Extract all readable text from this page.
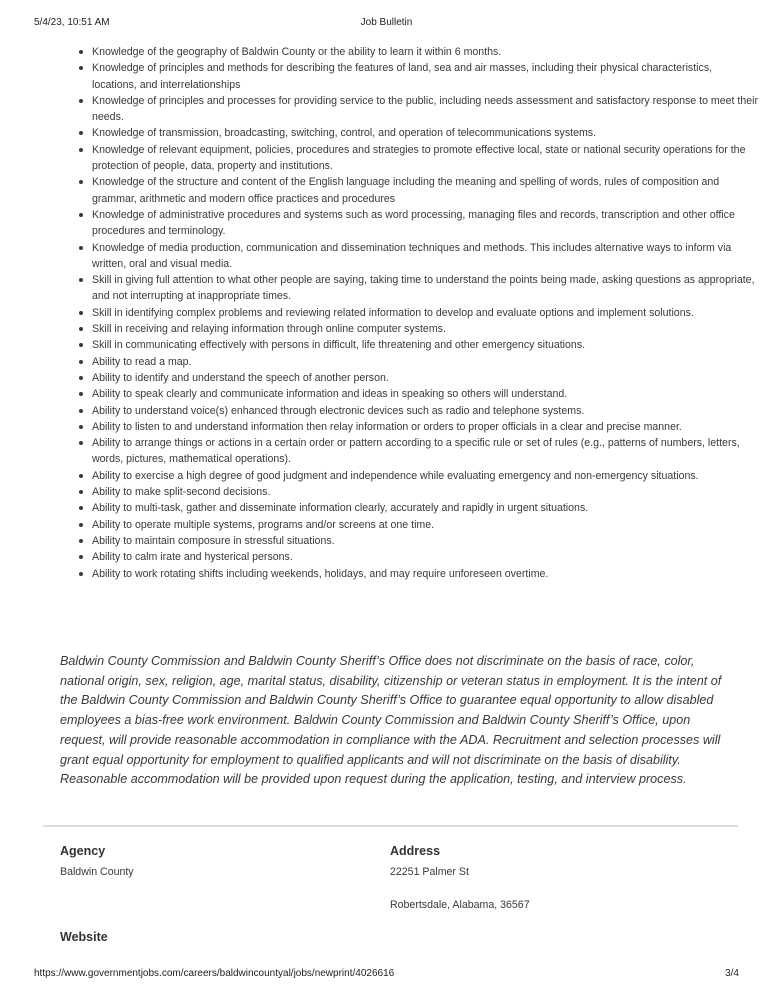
5/4/23, 10:51 AM	Job Bulletin
Knowledge of the geography of Baldwin County or the ability to learn it within 6 months.
Knowledge of principles and methods for describing the features of land, sea and air masses, including their physical characteristics, locations, and interrelationships
Knowledge of principles and processes for providing service to the public, including needs assessment and satisfactory response to meet their needs.
Knowledge of transmission, broadcasting, switching, control, and operation of telecommunications systems.
Knowledge of relevant equipment, policies, procedures and strategies to promote effective local, state or national security operations for the protection of people, data, property and institutions.
Knowledge of the structure and content of the English language including the meaning and spelling of words, rules of composition and grammar, arithmetic and modern office practices and procedures
Knowledge of administrative procedures and systems such as word processing, managing files and records, transcription and other office procedures and terminology.
Knowledge of media production, communication and dissemination techniques and methods. This includes alternative ways to inform via written, oral and visual media.
Skill in giving full attention to what other people are saying, taking time to understand the points being made, asking questions as appropriate, and not interrupting at inappropriate times.
Skill in identifying complex problems and reviewing related information to develop and evaluate options and implement solutions.
Skill in receiving and relaying information through online computer systems.
Skill in communicating effectively with persons in difficult, life threatening and other emergency situations.
Ability to read a map.
Ability to identify and understand the speech of another person.
Ability to speak clearly and communicate information and ideas in speaking so others will understand.
Ability to understand voice(s) enhanced through electronic devices such as radio and telephone systems.
Ability to listen to and understand information then relay information or orders to proper officials in a clear and precise manner.
Ability to arrange things or actions in a certain order or pattern according to a specific rule or set of rules (e.g., patterns of numbers, letters, words, pictures, mathematical operations).
Ability to exercise a high degree of good judgment and independence while evaluating emergency and non-emergency situations.
Ability to make split-second decisions.
Ability to multi-task, gather and disseminate information clearly, accurately and rapidly in urgent situations.
Ability to operate multiple systems, programs and/or screens at one time.
Ability to maintain composure in stressful situations.
Ability to calm irate and hysterical persons.
Ability to work rotating shifts including weekends, holidays, and may require unforeseen overtime.

Baldwin County Commission and Baldwin County Sheriff’s Office does not discriminate on the basis of race, color, national origin, sex, religion, age, marital status, disability, citizenship or veteran status in employment. It is the intent of the Baldwin County Commission and Baldwin County Sheriff’s Office to guarantee equal opportunity to allow disabled employees a bias-free work environment. Baldwin County Commission and Baldwin County Sheriff’s Office, upon request, will provide reasonable accommodation in compliance with the ADA. Recruitment and selection processes will grant equal opportunity for employment to qualified applicants and will not discriminate on the basis of disability. Reasonable accommodation will be provided upon request during the application, testing, and interview process.

Agency
Baldwin County
Address
22251 Palmer St
Robertsdale, Alabama, 36567
Website
https://www.governmentjobs.com/careers/baldwincountyal/jobs/newprint/4026616	3/4
